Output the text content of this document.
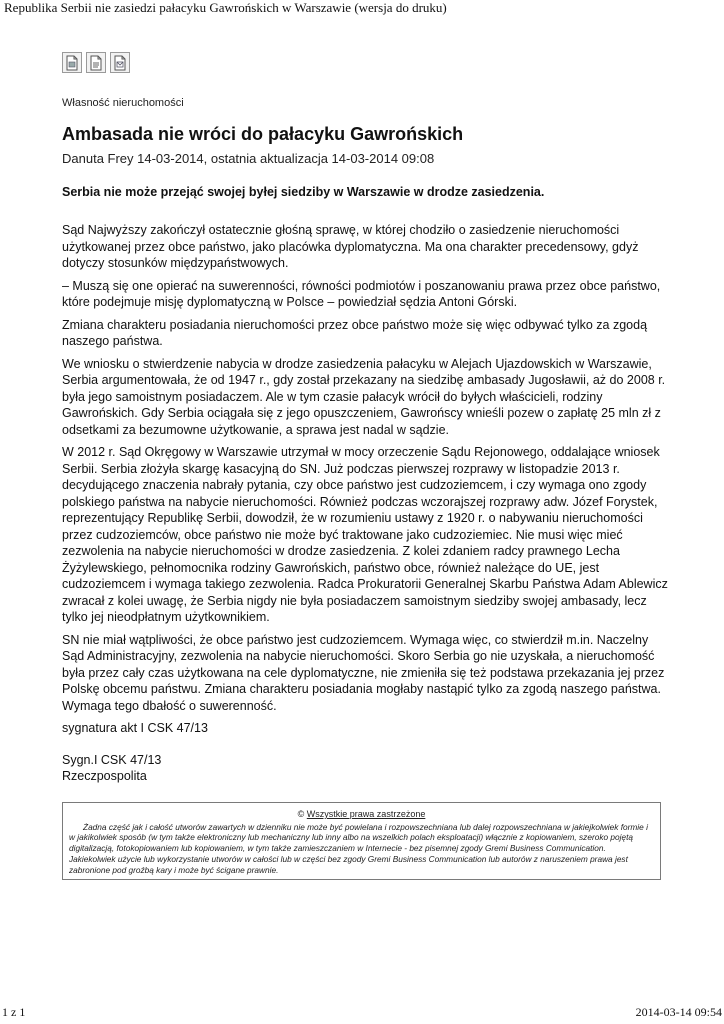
Republika Serbii nie zasiedzi pałacyku Gawrońskich w Warszawie (wersja do druku)
Własność nieruchomości
Ambasada nie wróci do pałacyku Gawrońskich
Danuta Frey 14-03-2014, ostatnia aktualizacja 14-03-2014 09:08

Serbia nie może przejąć swojej byłej siedziby w Warszawie w drodze zasiedzenia.

Sąd Najwyższy zakończył ostatecznie głośną sprawę, w której chodziło o zasiedzenie nieruchomości użytkowanej przez obce państwo, jako placówka dyplomatyczna. Ma ona charakter precedensowy, gdyż dotyczy stosunków międzypaństwowych.

– Muszą się one opierać na suwerenności, równości podmiotów i poszanowaniu prawa przez obce państwo, które podejmuje misję dyplomatyczną w Polsce – powiedział sędzia Antoni Górski.

Zmiana charakteru posiadania nieruchomości przez obce państwo może się więc odbywać tylko za zgodą naszego państwa.

We wniosku o stwierdzenie nabycia w drodze zasiedzenia pałacyku w Alejach Ujazdowskich w Warszawie, Serbia argumentowała, że od 1947 r., gdy został przekazany na siedzibę ambasady Jugosławii, aż do 2008 r. była jego samoistnym posiadaczem. Ale w tym czasie pałacyk wrócił do byłych właścicieli, rodziny Gawrońskich. Gdy Serbia ociągała się z jego opuszczeniem, Gawrońscy wnieśli pozew o zapłatę 25 mln zł z odsetkami za bezumowne użytkowanie, a sprawa jest nadal w sądzie.

W 2012 r. Sąd Okręgowy w Warszawie utrzymał w mocy orzeczenie Sądu Rejonowego, oddalające wniosek Serbii. Serbia złożyła skargę kasacyjną do SN. Już podczas pierwszej rozprawy w listopadzie 2013 r. decydującego znaczenia nabrały pytania, czy obce państwo jest cudzoziemcem, i czy wymaga ono zgody polskiego państwa na nabycie nieruchomości. Również podczas wczorajszej rozprawy adw. Józef Forystek, reprezentujący Republikę Serbii, dowodził, że w rozumieniu ustawy z 1920 r. o nabywaniu nieruchomości przez cudzoziemców, obce państwo nie może być traktowane jako cudzoziemiec. Nie musi więc mieć zezwolenia na nabycie nieruchomości w drodze zasiedzenia. Z kolei zdaniem radcy prawnego Lecha Żyżylewskiego, pełnomocnika rodziny Gawrońskich, państwo obce, również należące do UE, jest cudzoziemcem i wymaga takiego zezwolenia. Radca Prokuratorii Generalnej Skarbu Państwa Adam Ablewicz zwracał z kolei uwagę, że Serbia nigdy nie była posiadaczem samoistnym siedziby swojej ambasady, lecz tylko jej nieodpłatnym użytkownikiem.

SN nie miał wątpliwości, że obce państwo jest cudzoziemcem. Wymaga więc, co stwierdził m.in. Naczelny Sąd Administracyjny, zezwolenia na nabycie nieruchomości. Skoro Serbia go nie uzyskała, a nieruchomość była przez cały czas użytkowana na cele dyplomatyczne, nie zmieniła się też podstawa przekazania jej przez Polskę obcemu państwu. Zmiana charakteru posiadania mogłaby nastąpić tylko za zgodą naszego państwa. Wymaga tego dbałość o suwerenność.

sygnatura akt I CSK 47/13

Sygn.I CSK 47/13
Rzeczpospolita
© Wszystkie prawa zastrzeżone

Żadna część jak i całość utworów zawartych w dzienniku nie może być powielana i rozpowszechniana lub dalej rozpowszechniana w jakiejkolwiek formie i w jakikolwiek sposób (w tym także elektroniczny lub mechaniczny lub inny albo na wszelkich polach eksploatacji) włącznie z kopiowaniem, szeroko pojętą digitalizacją, fotokopiowaniem lub kopiowaniem, w tym także zamieszczaniem w Internecie - bez pisemnej zgody Gremi Business Communication. Jakiekolwiek użycie lub wykorzystanie utworów w całości lub w części bez zgody Gremi Business Communication lub autorów z naruszeniem prawa jest zabronione pod groźbą kary i może być ścigane prawnie.

1 z 1	2014-03-14 09:54
